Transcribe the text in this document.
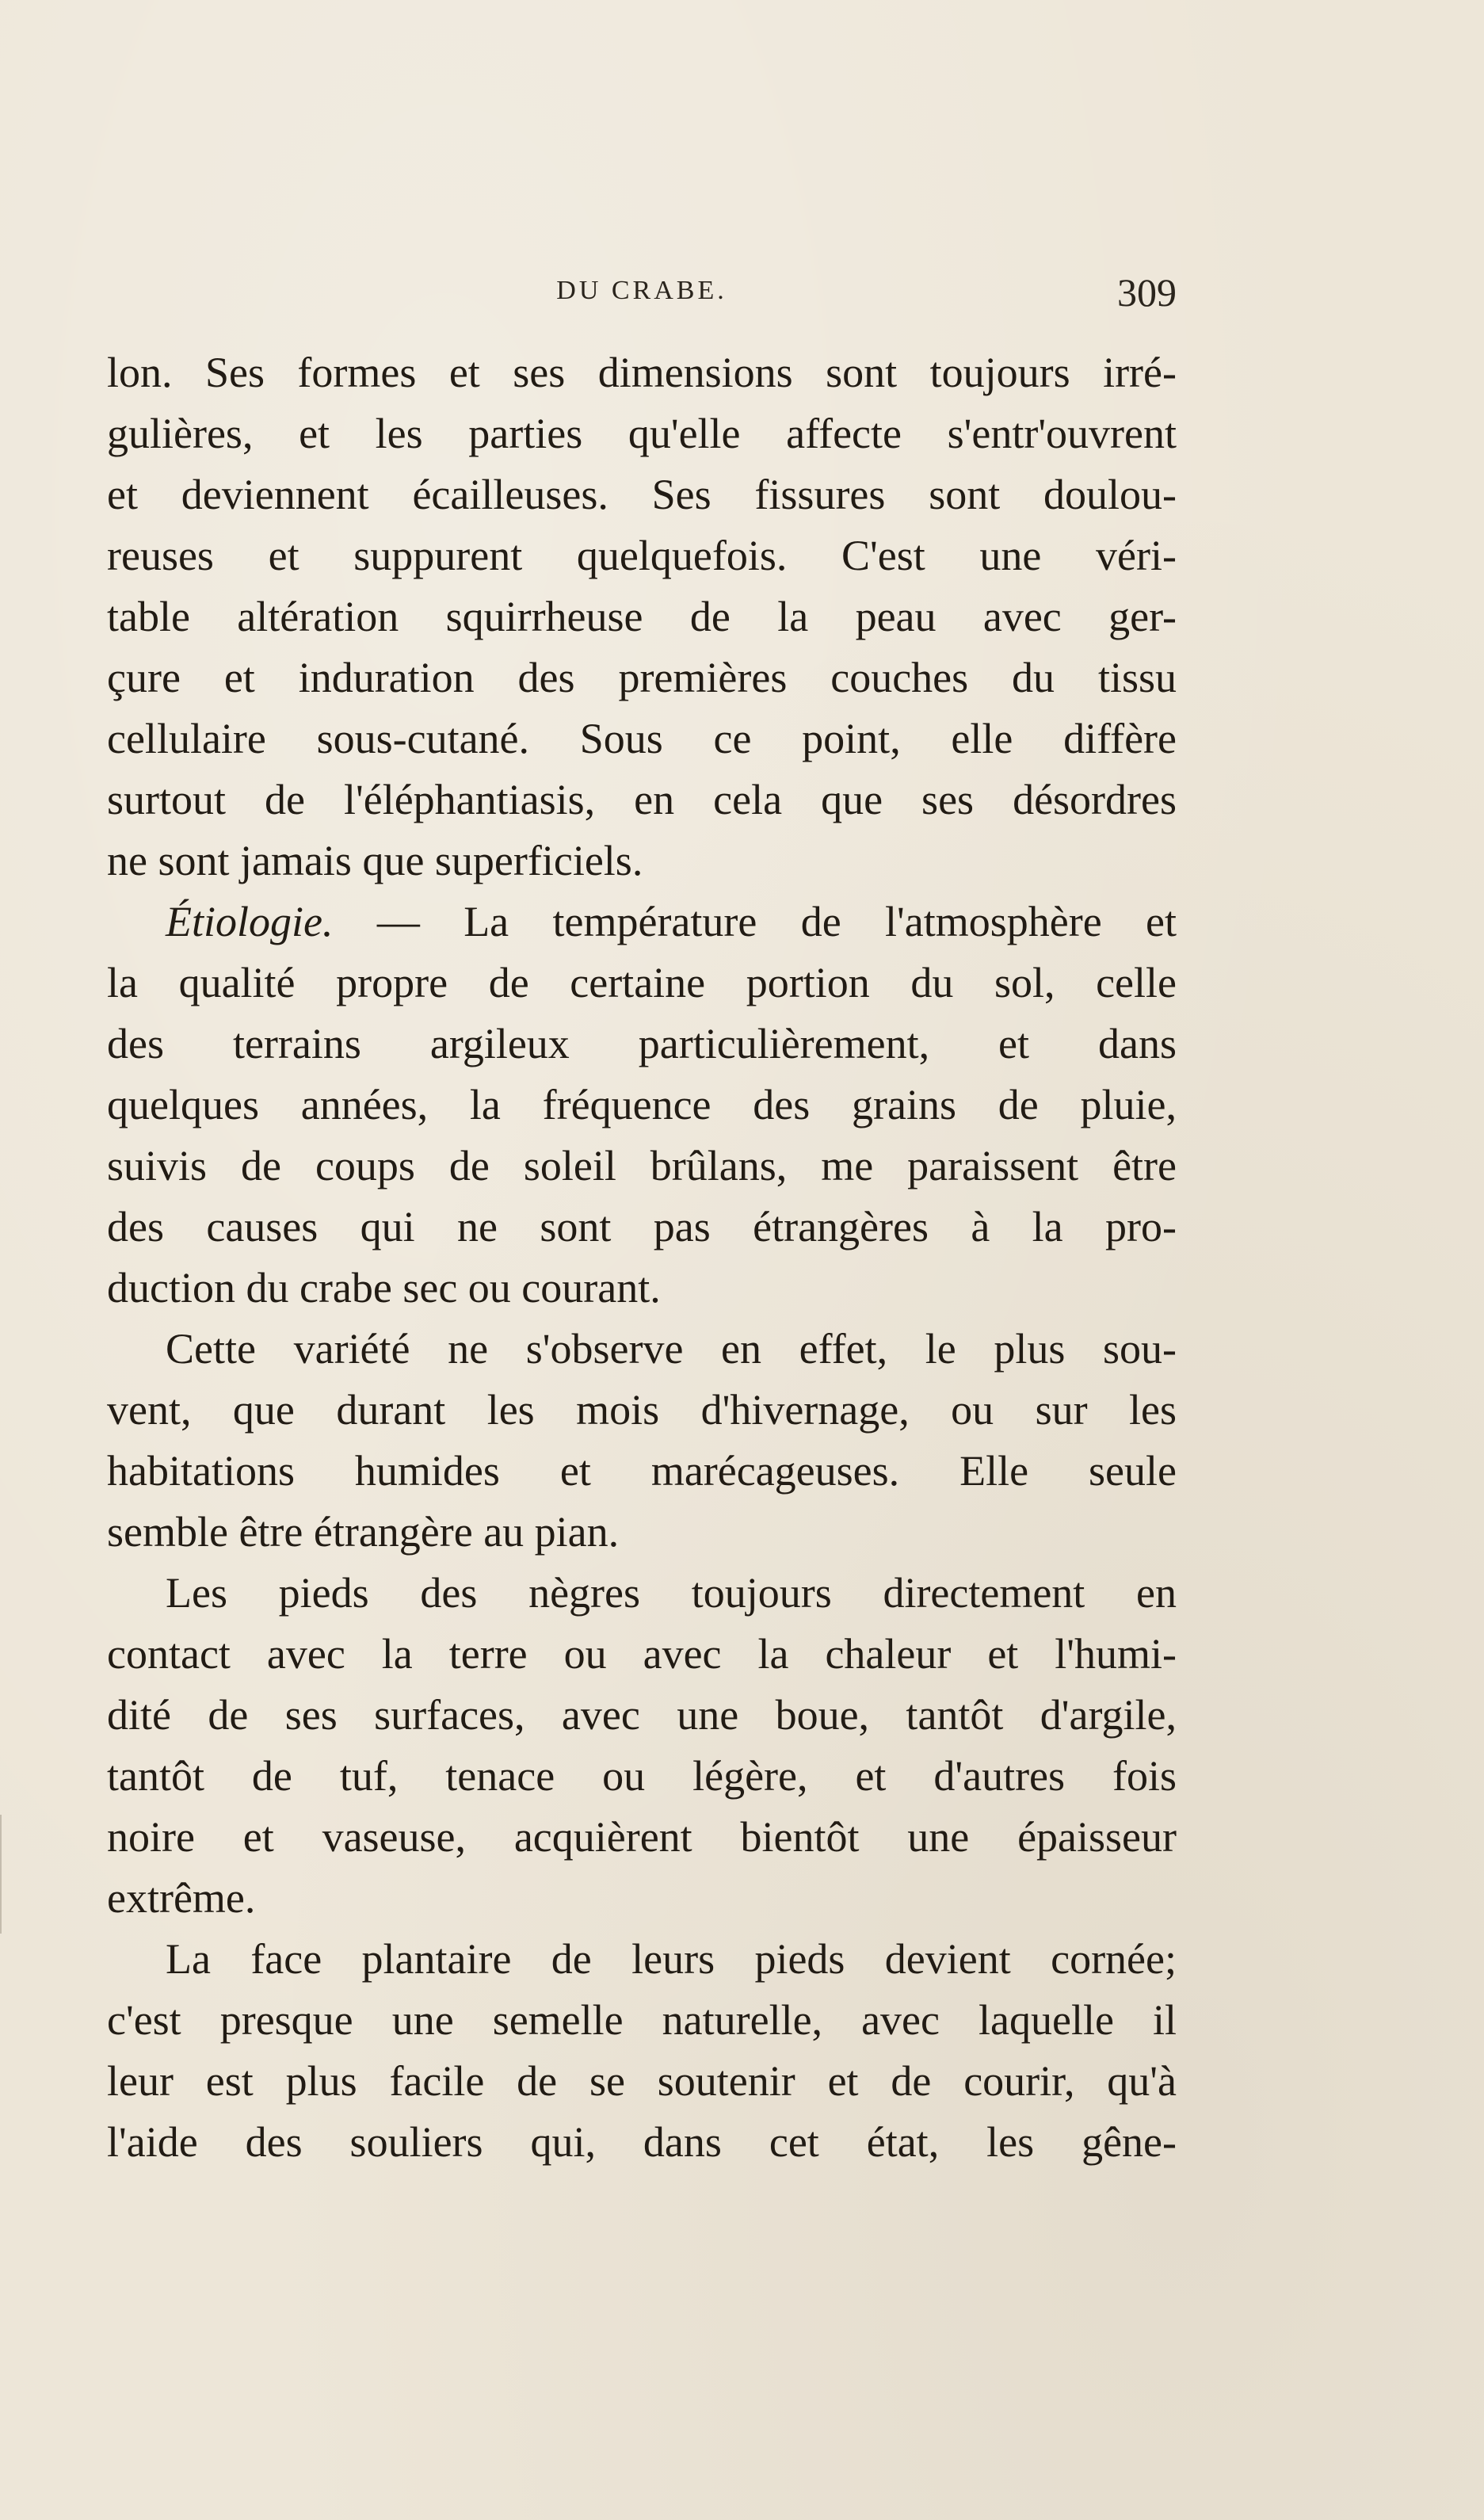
DU CRABE.	309
lon. Ses formes et ses dimensions sont toujours irré-
gulières, et les parties qu'elle affecte s'entr'ouvrent
et deviennent écailleuses. Ses fissures sont doulou-
reuses et suppurent quelquefois. C'est une véri-
table altération squirrheuse de la peau avec ger-
çure et induration des premières couches du tissu
cellulaire sous-cutané. Sous ce point, elle diffère
surtout de l'éléphantiasis, en cela que ses désordres
ne sont jamais que superficiels.
Étiologie. — La température de l'atmosphère et
la qualité propre de certaine portion du sol, celle
des terrains argileux particulièrement, et dans
quelques années, la fréquence des grains de pluie,
suivis de coups de soleil brûlans, me paraissent être
des causes qui ne sont pas étrangères à la pro-
duction du crabe sec ou courant.
Cette variété ne s'observe en effet, le plus sou-
vent, que durant les mois d'hivernage, ou sur les
habitations humides et marécageuses. Elle seule
semble être étrangère au pian.
Les pieds des nègres toujours directement en
contact avec la terre ou avec la chaleur et l'humi-
dité de ses surfaces, avec une boue, tantôt d'argile,
tantôt de tuf, tenace ou légère, et d'autres fois
noire et vaseuse, acquièrent bientôt une épaisseur
extrême.
La face plantaire de leurs pieds devient cornée;
c'est presque une semelle naturelle, avec laquelle il
leur est plus facile de se soutenir et de courir, qu'à
l'aide des souliers qui, dans cet état, les gêne-
